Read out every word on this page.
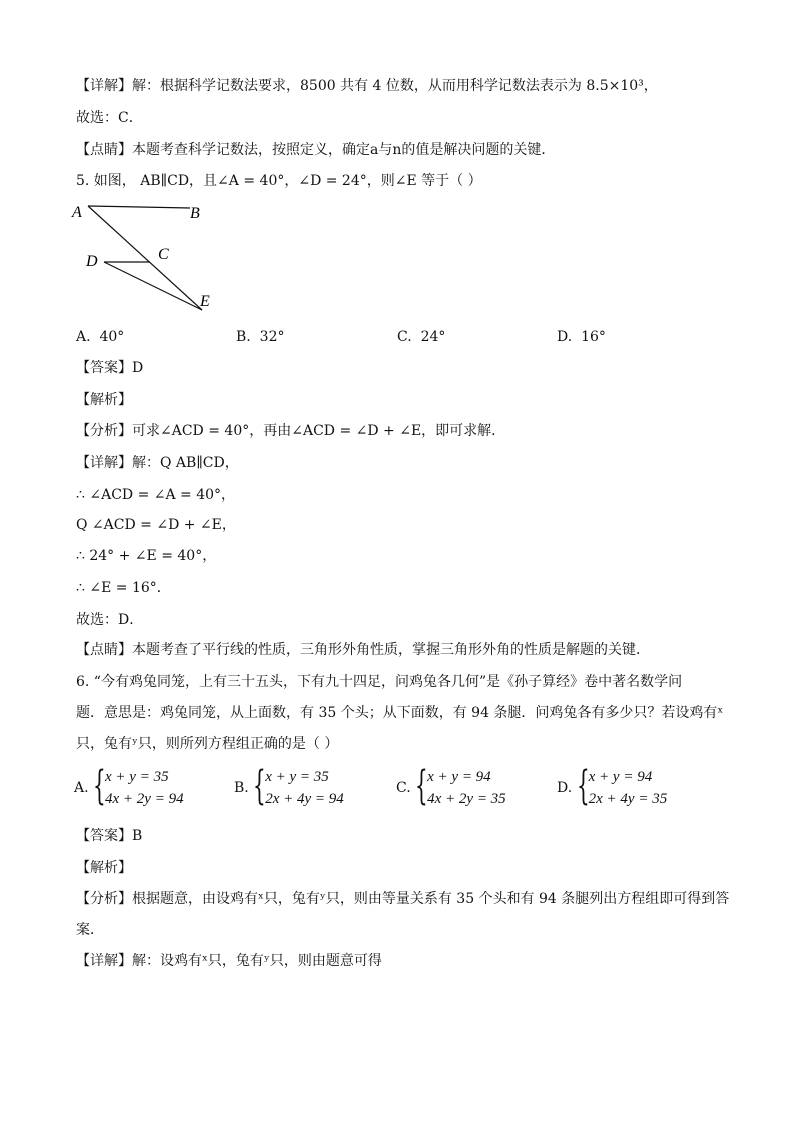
【详解】解：根据科学记数法要求，8500 共有 4 位数，从而用科学记数法表示为 8.5×10³，
故选：C．
【点睛】本题考查科学记数法，按照定义，确定a与n的值是解决问题的关键．
5. 如图， AB∥CD，且∠A = 40°，∠D = 24°，则∠E 等于（ ）
A	B
C
D
E
A. 40°	B. 32°	C. 24°	D. 16°
【答案】D
【解析】
【分析】可求∠ACD = 40°，再由∠ACD = ∠D + ∠E，即可求解．
【详解】解：Q AB∥CD，
∴ ∠ACD = ∠A = 40°，
Q ∠ACD = ∠D + ∠E，
∴ 24° + ∠E = 40°，
∴ ∠E = 16°．
故选：D．
【点睛】本题考查了平行线的性质，三角形外角性质，掌握三角形外角的性质是解题的关键．
6. “今有鸡兔同笼，上有三十五头，下有九十四足，问鸡兔各几何”是《孙子算经》卷中著名数学问
题．意思是：鸡兔同笼，从上面数，有 35 个头；从下面数，有 94 条腿．问鸡兔各有多少只？若设鸡有ˣ
只，兔有ʸ只，则所列方程组正确的是（ ）
A. { x + y = 35
4x + 2y = 94
B. { x + y = 35
2x + 4y = 94
C. { x + y = 94
4x + 2y = 35
D. { x + y = 94
2x + 4y = 35
【答案】B
【解析】
【分析】根据题意，由设鸡有ˣ只，兔有ʸ只，则由等量关系有 35 个头和有 94 条腿列出方程组即可得到答
案．
【详解】解：设鸡有ˣ只，兔有ʸ只，则由题意可得
